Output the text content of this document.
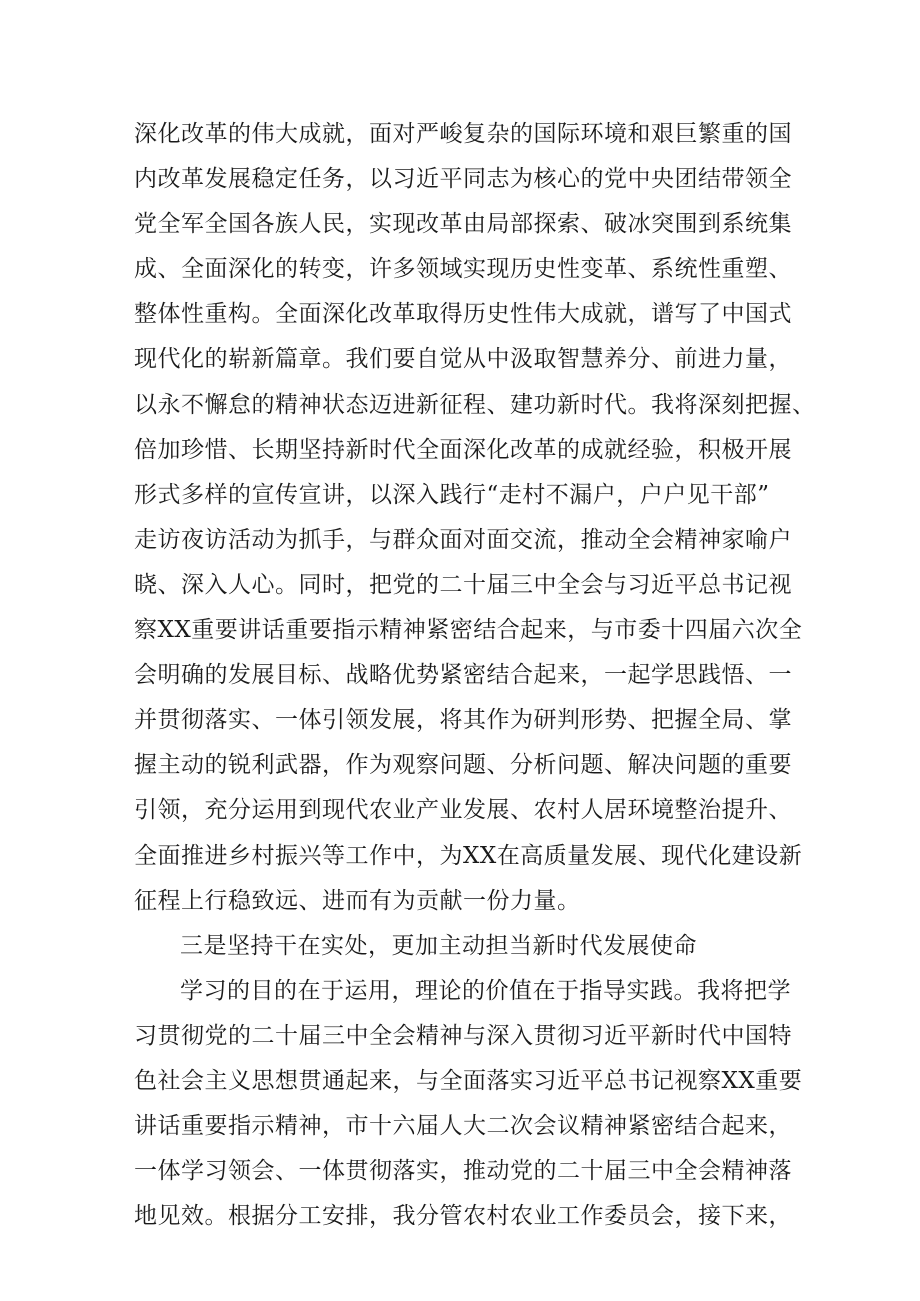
深化改革的伟大成就，面对严峻复杂的国际环境和艰巨繁重的国
内改革发展稳定任务，以习近平同志为核心的党中央团结带领全
党全军全国各族人民，实现改革由局部探索、破冰突围到系统集
成、全面深化的转变，许多领域实现历史性变革、系统性重塑、
整体性重构。全面深化改革取得历史性伟大成就，谱写了中国式
现代化的崭新篇章。我们要自觉从中汲取智慧养分、前进力量，
以永不懈怠的精神状态迈进新征程、建功新时代。我将深刻把握、
倍加珍惜、长期坚持新时代全面深化改革的成就经验，积极开展
形式多样的宣传宣讲，以深入践行“走村不漏户，户户见干部”
走访夜访活动为抓手，与群众面对面交流，推动全会精神家喻户
晓、深入人心。同时，把党的二十届三中全会与习近平总书记视
察XX重要讲话重要指示精神紧密结合起来，与市委十四届六次全
会明确的发展目标、战略优势紧密结合起来，一起学思践悟、一
并贯彻落实、一体引领发展，将其作为研判形势、把握全局、掌
握主动的锐利武器，作为观察问题、分析问题、解决问题的重要
引领，充分运用到现代农业产业发展、农村人居环境整治提升、
全面推进乡村振兴等工作中，为XX在高质量发展、现代化建设新
征程上行稳致远、进而有为贡献一份力量。
三是坚持干在实处，更加主动担当新时代发展使命
学习的目的在于运用，理论的价值在于指导实践。我将把学
习贯彻党的二十届三中全会精神与深入贯彻习近平新时代中国特
色社会主义思想贯通起来，与全面落实习近平总书记视察XX重要
讲话重要指示精神，市十六届人大二次会议精神紧密结合起来，
一体学习领会、一体贯彻落实，推动党的二十届三中全会精神落
地见效。根据分工安排，我分管农村农业工作委员会，接下来，
